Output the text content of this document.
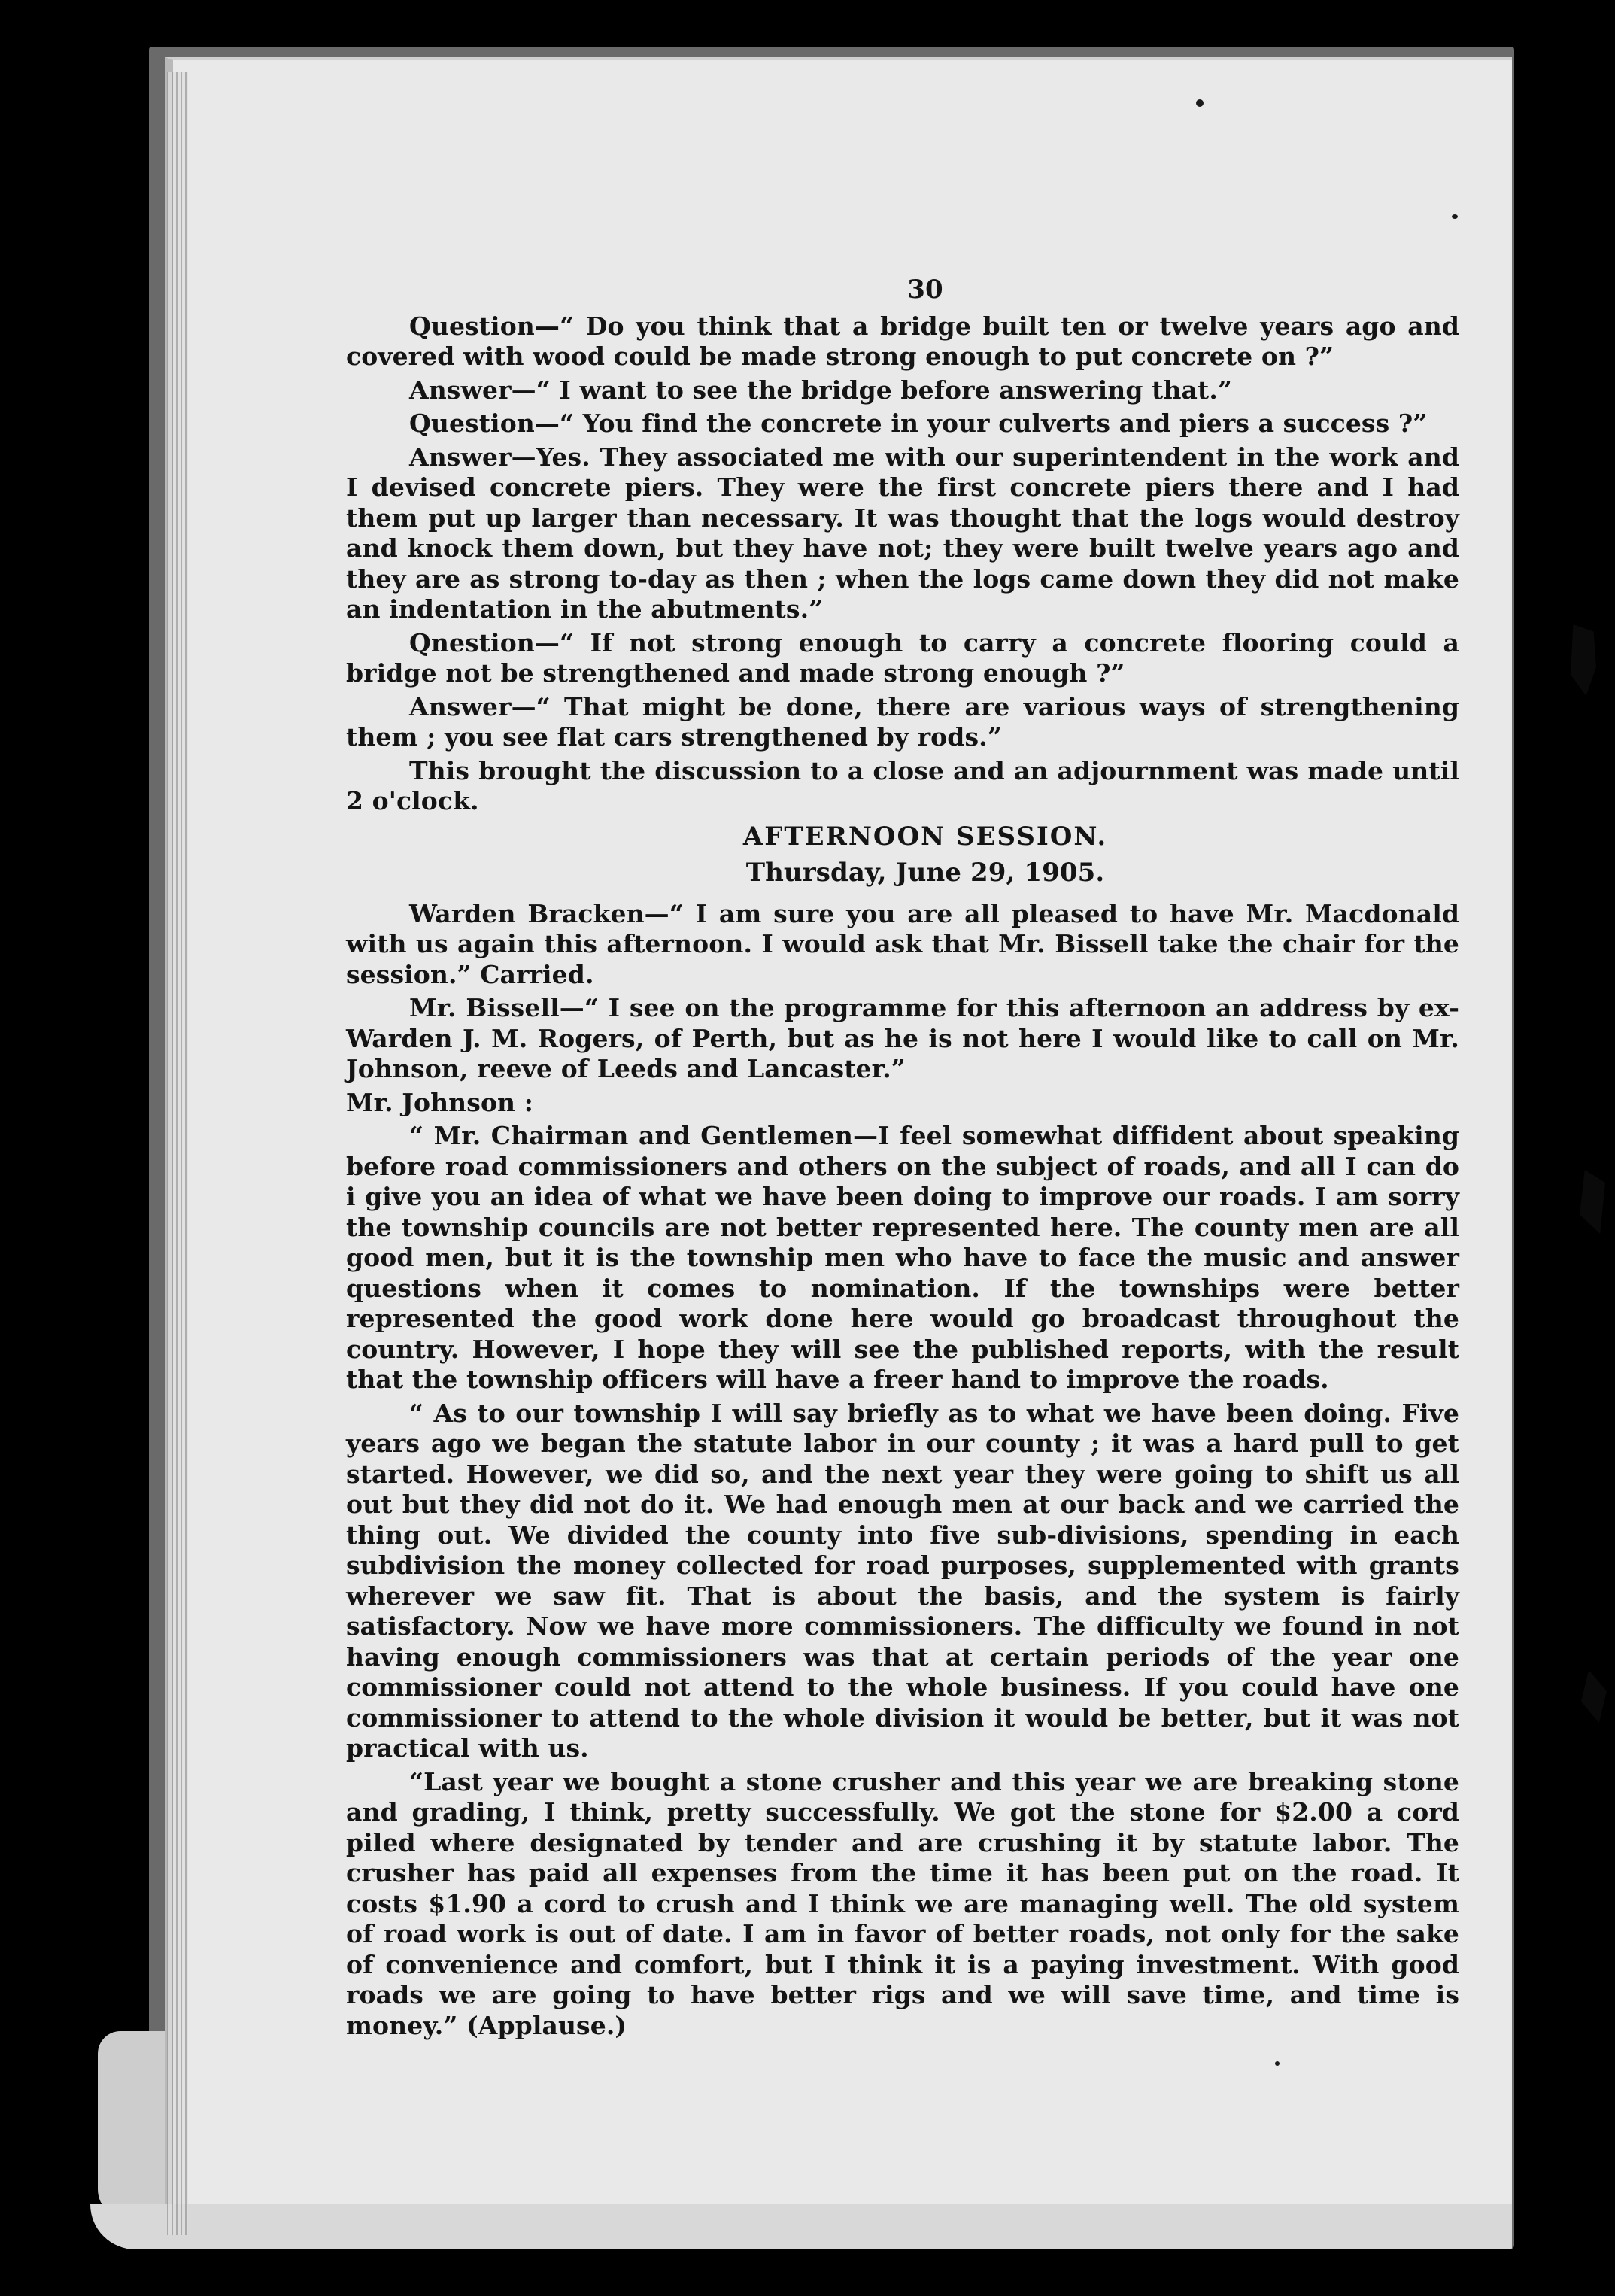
30

Question—“ Do you think that a bridge built ten or twelve years ago and covered with wood could be made strong enough to put concrete on ?”

Answer—“ I want to see the bridge before answering that.”

Question—“ You find the concrete in your culverts and piers a success ?”

Answer—Yes. They associated me with our superintendent in the work and I devised concrete piers. They were the first concrete piers there and I had them put up larger than necessary. It was thought that the logs would destroy and knock them down, but they have not; they were built twelve years ago and they are as strong to-day as then ; when the logs came down they did not make an indentation in the abutments.”

Qnestion—“ If not strong enough to carry a concrete flooring could a bridge not be strengthened and made strong enough ?”

Answer—“ That might be done, there are various ways of strengthening them ; you see flat cars strengthened by rods.”

This brought the discussion to a close and an adjournment was made until 2 o'clock.

AFTERNOON SESSION.
Thursday, June 29, 1905.

Warden Bracken—“ I am sure you are all pleased to have Mr. Macdonald with us again this afternoon. I would ask that Mr. Bissell take the chair for the session.” Carried.

Mr. Bissell—“ I see on the programme for this afternoon an address by ex-Warden J. M. Rogers, of Perth, but as he is not here I would like to call on Mr. Johnson, reeve of Leeds and Lancaster.”

Mr. Johnson :

“ Mr. Chairman and Gentlemen—I feel somewhat diffident about speaking before road commissioners and others on the subject of roads, and all I can do i give you an idea of what we have been doing to improve our roads. I am sorry the township councils are not better represented here. The county men are all good men, but it is the township men who have to face the music and answer questions when it comes to nomination. If the townships were better represented the good work done here would go broadcast throughout the country. However, I hope they will see the published reports, with the result that the township officers will have a freer hand to improve the roads.

“ As to our township I will say briefly as to what we have been doing. Five years ago we began the statute labor in our county ; it was a hard pull to get started. However, we did so, and the next year they were going to shift us all out but they did not do it. We had enough men at our back and we carried the thing out. We divided the county into five sub-divisions, spending in each subdivision the money collected for road purposes, supplemented with grants wherever we saw fit. That is about the basis, and the system is fairly satisfactory. Now we have more commissioners. The difficulty we found in not having enough commissioners was that at certain periods of the year one commissioner could not attend to the whole business. If you could have one commissioner to attend to the whole division it would be better, but it was not practical with us.

“Last year we bought a stone crusher and this year we are breaking stone and grading, I think, pretty successfully. We got the stone for $2.00 a cord piled where designated by tender and are crushing it by statute labor. The crusher has paid all expenses from the time it has been put on the road. It costs $1.90 a cord to crush and I think we are managing well. The old system of road work is out of date. I am in favor of better roads, not only for the sake of convenience and comfort, but I think it is a paying investment. With good roads we are going to have better rigs and we will save time, and time is money.” (Applause.)
